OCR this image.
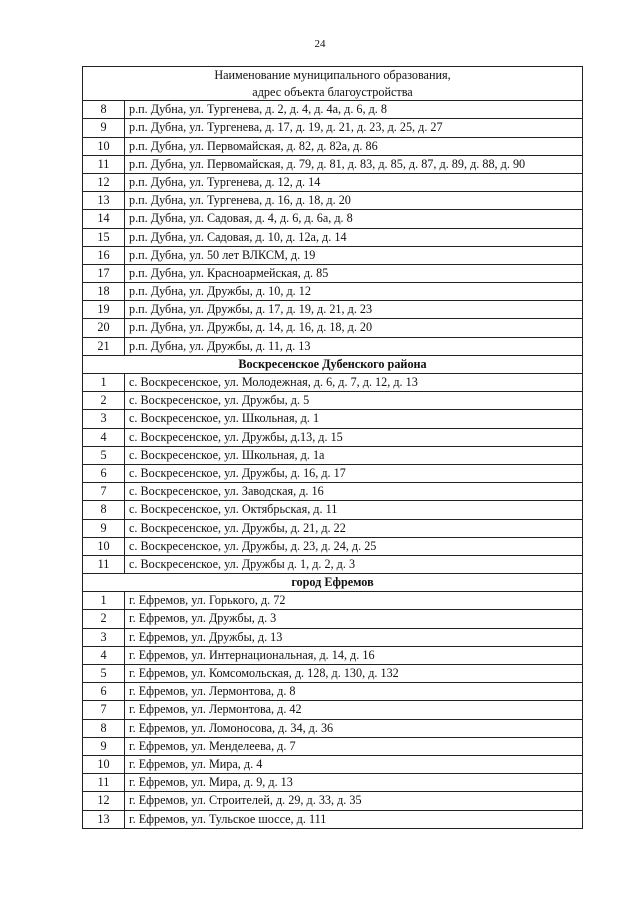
24
Наименование муниципального образования,
адрес объекта благоустройства	

8	р.п. Дубна, ул. Тургенева, д. 2, д. 4, д. 4а, д. 6, д. 8
9	р.п. Дубна, ул. Тургенева, д. 17, д. 19, д. 21, д. 23, д. 25, д. 27
10	р.п. Дубна, ул. Первомайская, д. 82, д. 82а, д. 86
11	р.п. Дубна, ул. Первомайская, д. 79, д. 81, д. 83, д. 85, д. 87, д. 89, д. 88, д. 90
12	р.п. Дубна, ул. Тургенева, д. 12, д. 14
13	р.п. Дубна, ул. Тургенева, д. 16, д. 18, д. 20
14	р.п. Дубна, ул. Садовая, д. 4, д. 6, д. 6а, д. 8
15	р.п. Дубна, ул. Садовая, д. 10, д. 12а, д. 14
16	р.п. Дубна, ул. 50 лет ВЛКСМ, д. 19
17	р.п. Дубна, ул. Красноармейская, д. 85
18	р.п. Дубна, ул. Дружбы, д. 10, д. 12
19	р.п. Дубна, ул. Дружбы, д. 17, д. 19, д. 21, д. 23
20	р.п. Дубна, ул. Дружбы, д. 14, д. 16, д. 18, д. 20
21	р.п. Дубна, ул. Дружбы, д. 11, д. 13
Воскресенское Дубенского района	
1	с. Воскресенское, ул. Молодежная, д. 6, д. 7, д. 12, д. 13
2	с. Воскресенское, ул. Дружбы, д. 5
3	с. Воскресенское, ул. Школьная, д. 1
4	с. Воскресенское, ул. Дружбы, д.13, д. 15
5	с. Воскресенское, ул. Школьная, д. 1а
6	с. Воскресенское, ул. Дружбы, д. 16, д. 17
7	с. Воскресенское, ул. Заводская, д. 16
8	с. Воскресенское, ул. Октябрьская, д. 11
9	с. Воскресенское, ул. Дружбы, д. 21, д. 22
10	с. Воскресенское, ул. Дружбы, д. 23, д. 24, д. 25
11	с. Воскресенское, ул. Дружбы д. 1, д. 2, д. 3
город Ефремов	
1	г. Ефремов, ул. Горького, д. 72
2	г. Ефремов, ул. Дружбы, д. 3
3	г. Ефремов, ул. Дружбы, д. 13
4	г. Ефремов, ул. Интернациональная, д. 14, д. 16
5	г. Ефремов, ул. Комсомольская, д. 128, д. 130, д. 132
6	г. Ефремов, ул. Лермонтова, д. 8
7	г. Ефремов, ул. Лермонтова, д. 42
8	г. Ефремов, ул. Ломоносова, д. 34, д. 36
9	г. Ефремов, ул. Менделеева, д. 7
10	г. Ефремов, ул. Мира, д. 4
11	г. Ефремов, ул. Мира, д. 9, д. 13
12	г. Ефремов, ул. Строителей, д. 29, д. 33, д. 35
13	г. Ефремов, ул. Тульское шоссе, д. 111
